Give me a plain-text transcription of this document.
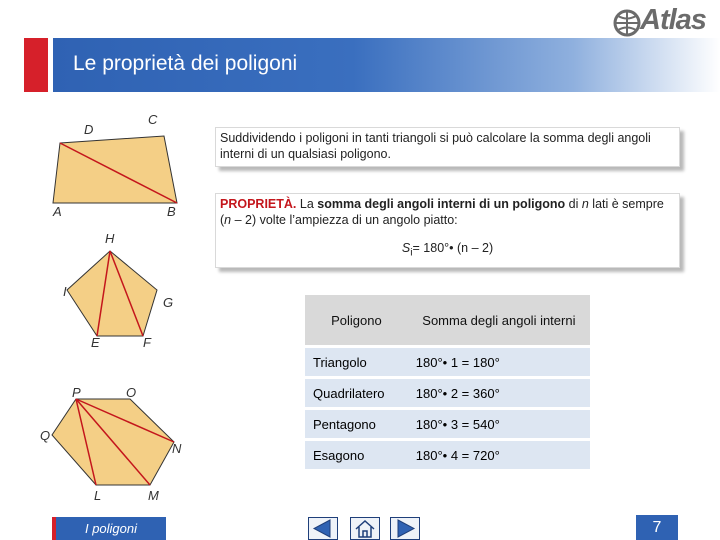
Le proprietà dei poligoni
Atlas
Suddividendo i poligoni in tanti triangoli si può calcolare la somma degli angoli interni di un qualsiasi poligono.
PROPRIETÀ. La somma degli angoli interni di un poligono di n lati è sempre (n – 2) volte l’ampiezza di un angolo piatto:
$S_i=$ 180°• (n – 2)
D
C
A	B
H
I
G
E	F
P	O
Q
N
L	M
Poligono	Somma degli angoli interni
Triangolo	180°• 1 = 180°
Quadrilatero	180°• 2 = 360°
Pentagono	180°• 3 = 540°
Esagono	180°• 4 = 720°
I poligoni	7
